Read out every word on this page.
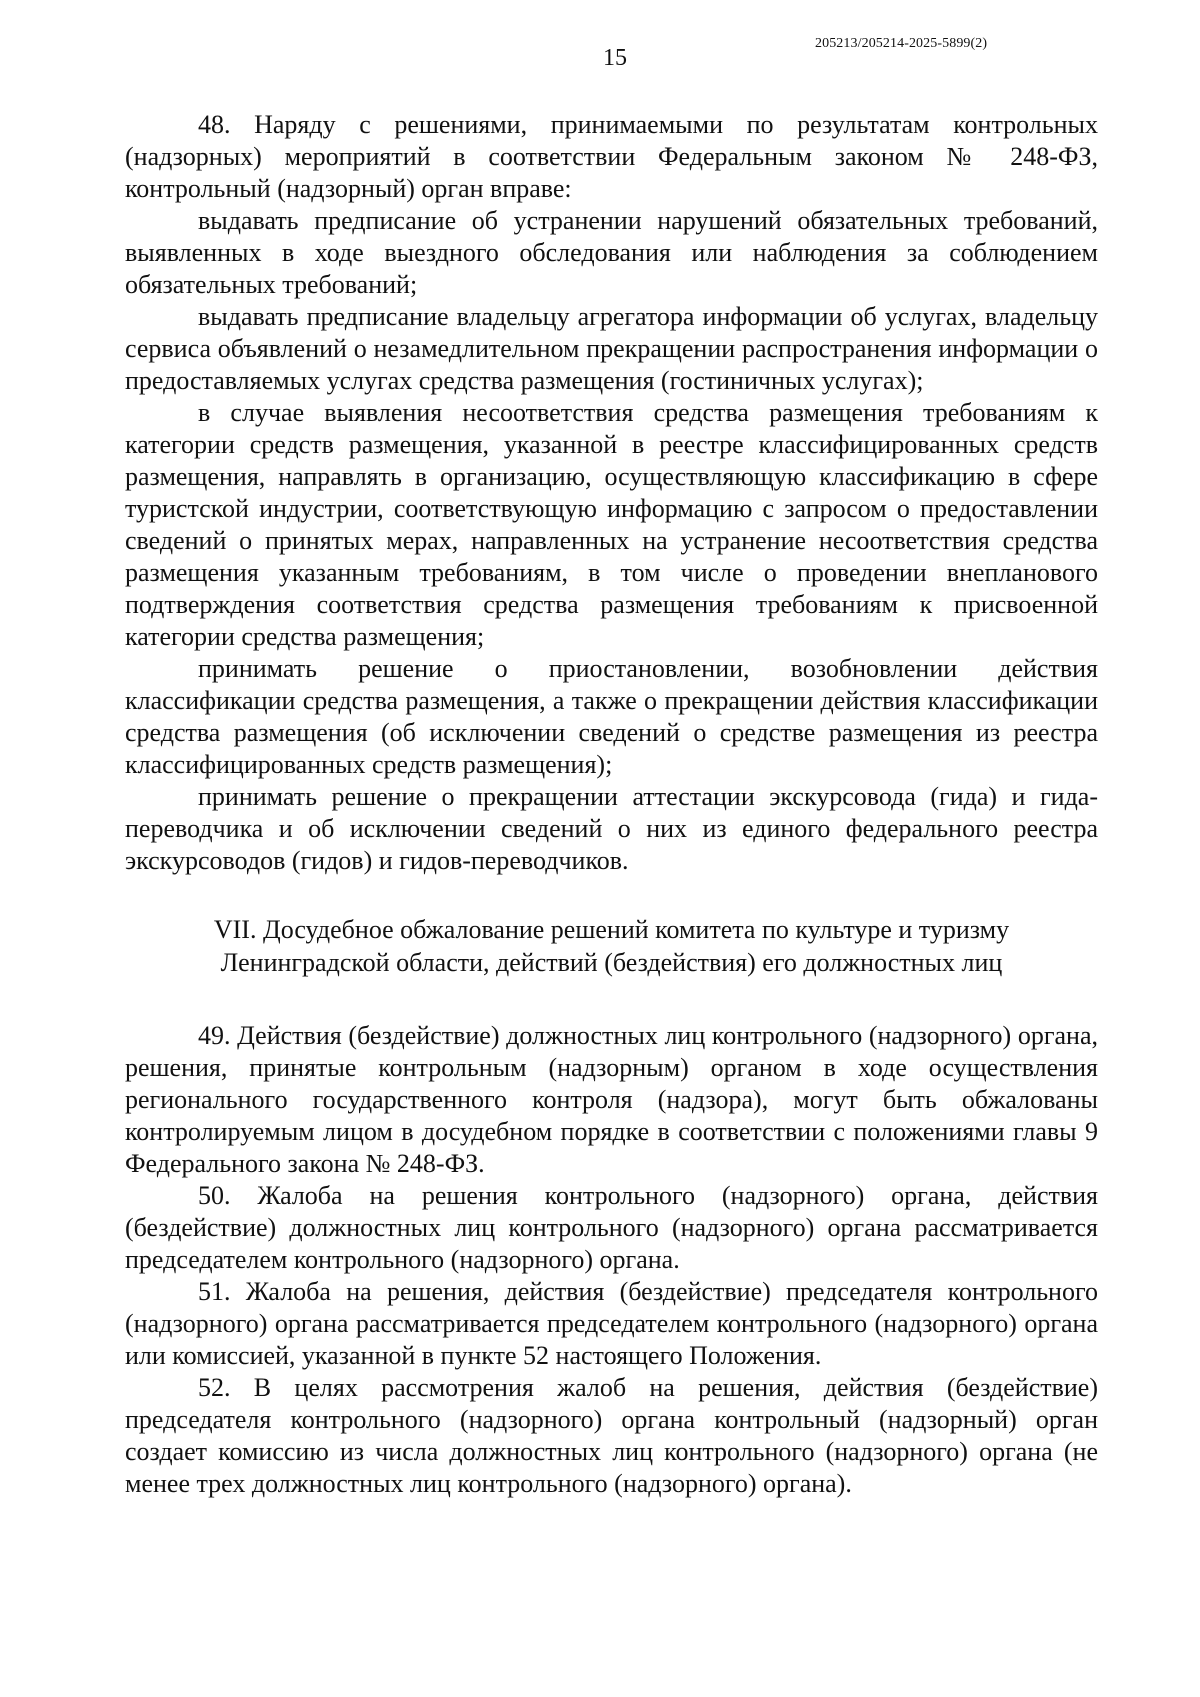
15
205213/205214-2025-5899(2)

48. Наряду с решениями, принимаемыми по результатам контрольных (надзорных) мероприятий в соответствии Федеральным законом № 248-ФЗ, контрольный (надзорный) орган вправе:

выдавать предписание об устранении нарушений обязательных требований, выявленных в ходе выездного обследования или наблюдения за соблюдением обязательных требований;

выдавать предписание владельцу агрегатора информации об услугах, владельцу сервиса объявлений о незамедлительном прекращении распространения информации о предоставляемых услугах средства размещения (гостиничных услугах);

в случае выявления несоответствия средства размещения требованиям к категории средств размещения, указанной в реестре классифицированных средств размещения, направлять в организацию, осуществляющую классификацию в сфере туристской индустрии, соответствующую информацию с запросом о предоставлении сведений о принятых мерах, направленных на устранение несоответствия средства размещения указанным требованиям, в том числе о проведении внепланового подтверждения соответствия средства размещения требованиям к присвоенной категории средства размещения;

принимать решение о приостановлении, возобновлении действия классификации средства размещения, а также о прекращении действия классификации средства размещения (об исключении сведений о средстве размещения из реестра классифицированных средств размещения);

принимать решение о прекращении аттестации экскурсовода (гида) и гида-переводчика и об исключении сведений о них из единого федерального реестра экскурсоводов (гидов) и гидов-переводчиков.

VII. Досудебное обжалование решений комитета по культуре и туризму
Ленинградской области, действий (бездействия) его должностных лиц

49. Действия (бездействие) должностных лиц контрольного (надзорного) органа, решения, принятые контрольным (надзорным) органом в ходе осуществления регионального государственного контроля (надзора), могут быть обжалованы контролируемым лицом в досудебном порядке в соответствии с положениями главы 9 Федерального закона № 248-ФЗ.

50. Жалоба на решения контрольного (надзорного) органа, действия (бездействие) должностных лиц контрольного (надзорного) органа рассматривается председателем контрольного (надзорного) органа.

51. Жалоба на решения, действия (бездействие) председателя контрольного (надзорного) органа рассматривается председателем контрольного (надзорного) органа или комиссией, указанной в пункте 52 настоящего Положения.

52. В целях рассмотрения жалоб на решения, действия (бездействие) председателя контрольного (надзорного) органа контрольный (надзорный) орган создает комиссию из числа должностных лиц контрольного (надзорного) органа (не менее трех должностных лиц контрольного (надзорного) органа).
